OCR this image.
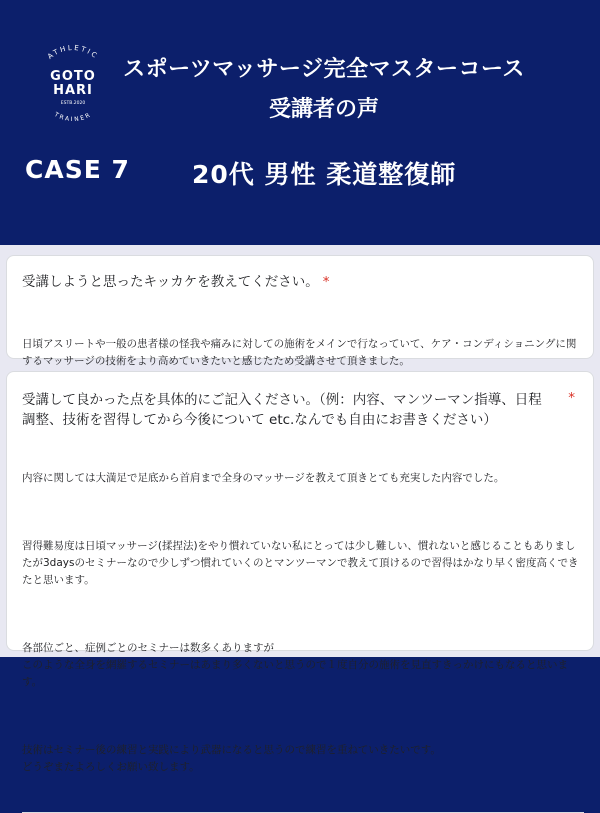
ATHLETIC
TRAINER
GOTO
HARI
ESTB.2020
スポーツマッサージ完全マスターコース
受講者の声
CASE 7 20代 男性 柔道整復師
受講しようと思ったキッカケを教えてください。 *

日頃アスリートや一般の患者様の怪我や痛みに対しての施術をメインで行なっていて、ケア・コンディショニングに関するマッサージの技術をより高めていきたいと感じたため受講させて頂きました。

受講して良かった点を具体的にご記入ください。（例：内容、マンツーマン指導、日程調整、技術を習得してから今後について etc.なんでも自由にお書きください）
*

内容に関しては大満足で足底から首肩まで全身のマッサージを教えて頂きとても充実した内容でした。

習得難易度は日頃マッサージ(揉捏法)をやり慣れていない私にとっては少し難しい、慣れないと感じることもありましたが3daysのセミナーなので少しずつ慣れていくのとマンツーマンで教えて頂けるので習得はかなり早く密度高くできたと思います。

各部位ごと、症例ごとのセミナーは数多くありますが
このような全身を網羅するセミナーはあまり多くないと思うので１度自分の施術を見直すきっかけにもなると思います。

技術はセミナー後の練習と実践により武器になると思うので練習を重ねていきたいです。
どうぞまたよろしくお願い致します。
